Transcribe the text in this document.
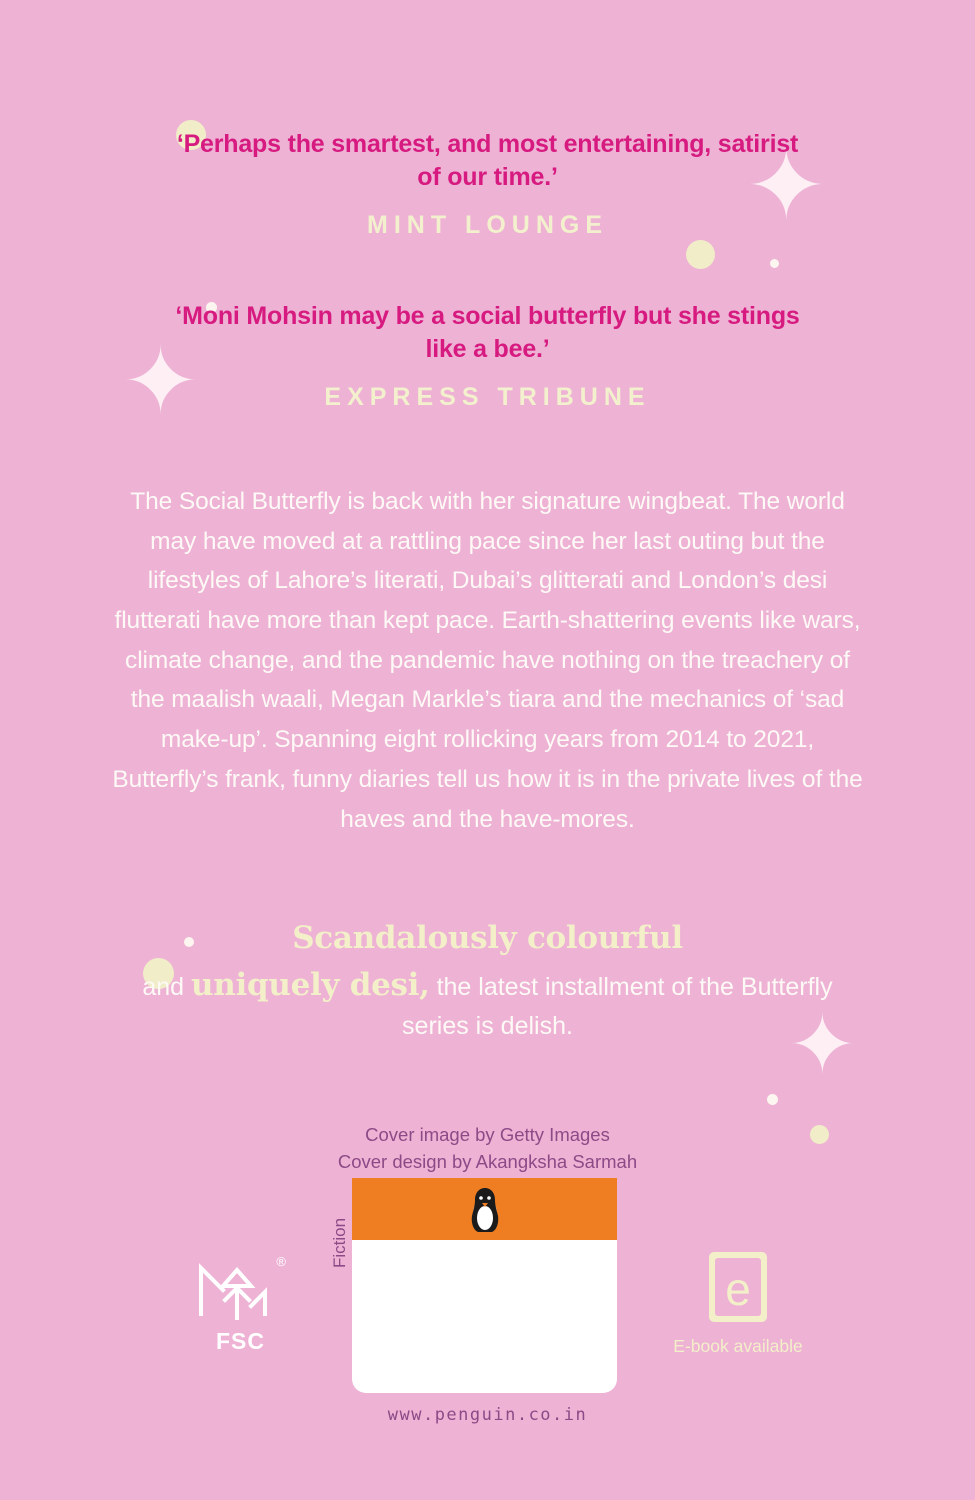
✦
✦
✦
‘Perhaps the smartest, and most entertaining, satirist of our time.’
MINT LOUNGE
‘Moni Mohsin may be a social butterfly but she stings like a bee.’
EXPRESS TRIBUNE
The Social Butterfly is back with her signature wingbeat. The world may have moved at a rattling pace since her last outing but the lifestyles of Lahore’s literati, Dubai’s glitterati and London’s desi flutterati have more than kept pace. Earth-shattering events like wars, climate change, and the pandemic have nothing on the treachery of the maalish waali, Megan Markle’s tiara and the mechanics of ‘sad make-up’. Spanning eight rollicking years from 2014 to 2021, Butterfly’s frank, funny diaries tell us how it is in the private lives of the haves and the have-mores.
Scandalously colourful
and uniquely desi, the latest installment of the Butterfly series is delish.
Cover image by Getty Images
Cover design by Akangksha Sarmah
FSC
®	Fiction
www.penguin.co.in
e
E-book available
